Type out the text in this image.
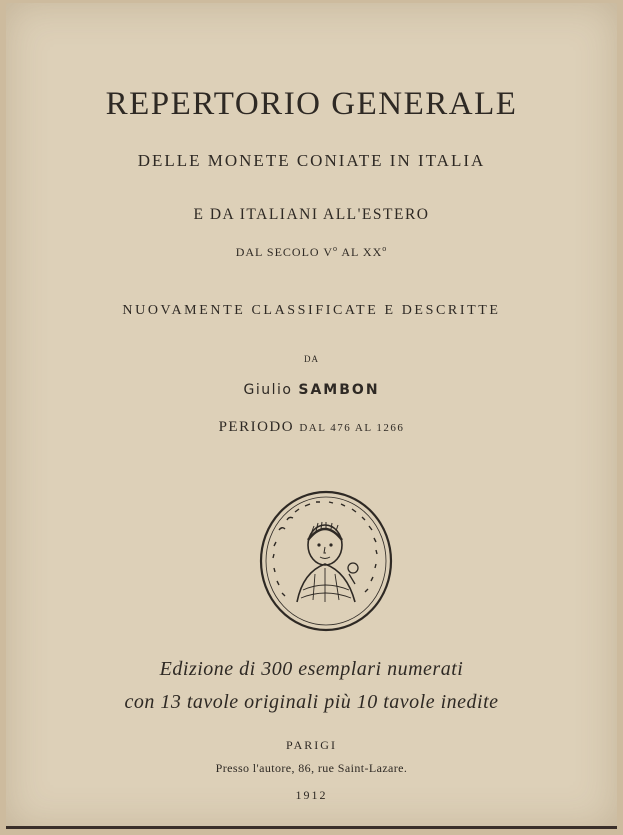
REPERTORIO GENERALE
DELLE MONETE CONIATE IN ITALIA
E DA ITALIANI ALL'ESTERO
DAL SECOLO $V^o$ AL $XX^o$
NUOVAMENTE CLASSIFICATE E DESCRITTE
DA
Giulio SAMBON
PERIODO DAL 476 AL 1266
Edizione di 300 esemplari numerati
con 13 tavole originali più 10 tavole inedite
PARIGI
Presso l'autore, 86, rue Saint-Lazare.
1912
